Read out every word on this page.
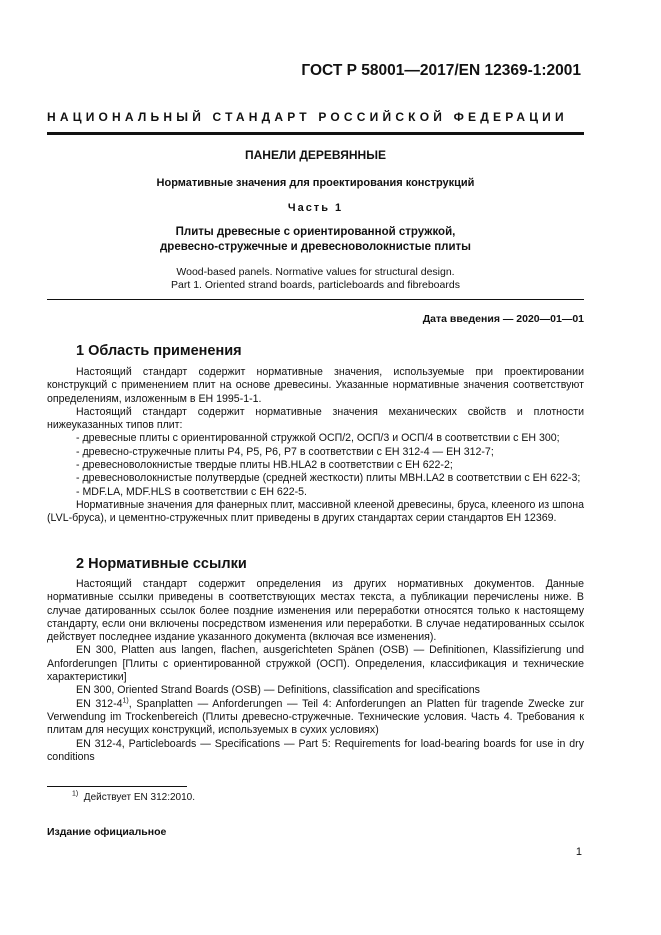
ГОСТ Р 58001—2017/EN 12369-1:2001
НАЦИОНАЛЬНЫЙ СТАНДАРТ РОССИЙСКОЙ ФЕДЕРАЦИИ
ПАНЕЛИ ДЕРЕВЯННЫЕ
Нормативные значения для проектирования конструкций
Часть 1
Плиты древесные с ориентированной стружкой,
древесно-стружечные и древесноволокнистые плиты
Wood-based panels. Normative values for structural design.
Part 1. Oriented strand boards, particleboards and fibreboards
Дата введения — 2020—01—01
1 Область применения

Настоящий стандарт содержит нормативные значения, используемые при проектировании конструкций с применением плит на основе древесины. Указанные нормативные значения соответствуют определениям, изложенным в ЕН 1995-1-1.

Настоящий стандарт содержит нормативные значения механических свойств и плотности нижеуказанных типов плит:

- древесные плиты с ориентированной стружкой ОСП/2, ОСП/3 и ОСП/4 в соответствии с ЕН 300;

- древесно-стружечные плиты Р4, Р5, Р6, Р7 в соответствии с ЕН 312-4 — ЕН 312-7;

- древесноволокнистые твердые плиты HB.HLA2 в соответствии с ЕН 622-2;

- древесноволокнистые полутвердые (средней жесткости) плиты MBH.LA2 в соответствии с ЕН 622-3;

- MDF.LA, MDF.HLS в соответствии с ЕН 622-5.

Нормативные значения для фанерных плит, массивной клееной древесины, бруса, клееного из шпона (LVL-бруса), и цементно-стружечных плит приведены в других стандартах серии стандартов ЕН 12369.

2 Нормативные ссылки

Настоящий стандарт содержит определения из других нормативных документов. Данные нормативные ссылки приведены в соответствующих местах текста, а публикации перечислены ниже. В случае датированных ссылок более поздние изменения или переработки относятся только к настоящему стандарту, если они включены посредством изменения или переработки. В случае недатированных ссылок действует последнее издание указанного документа (включая все изменения).

EN 300, Platten aus langen, flachen, ausgerichteten Spänen (OSB) — Definitionen, Klassifizierung und Anforderungen [Плиты с ориентированной стружкой (ОСП). Определения, классификация и технические характеристики]

EN 300, Oriented Strand Boards (OSB) — Definitions, classification and specifications

EN 312-4$^{1)}$, Spanplatten — Anforderungen — Teil 4: Anforderungen an Platten für tragende Zwecke zur Verwendung im Trockenbereich (Плиты древесно-стружечные. Технические условия. Часть 4. Требования к плитам для несущих конструкций, используемых в сухих условиях)

EN 312-4, Particleboards — Specifications — Part 5: Requirements for load-bearing boards for use in dry conditions

$^{1)}$ Действует EN 312:2010.
Издание официальное
1
